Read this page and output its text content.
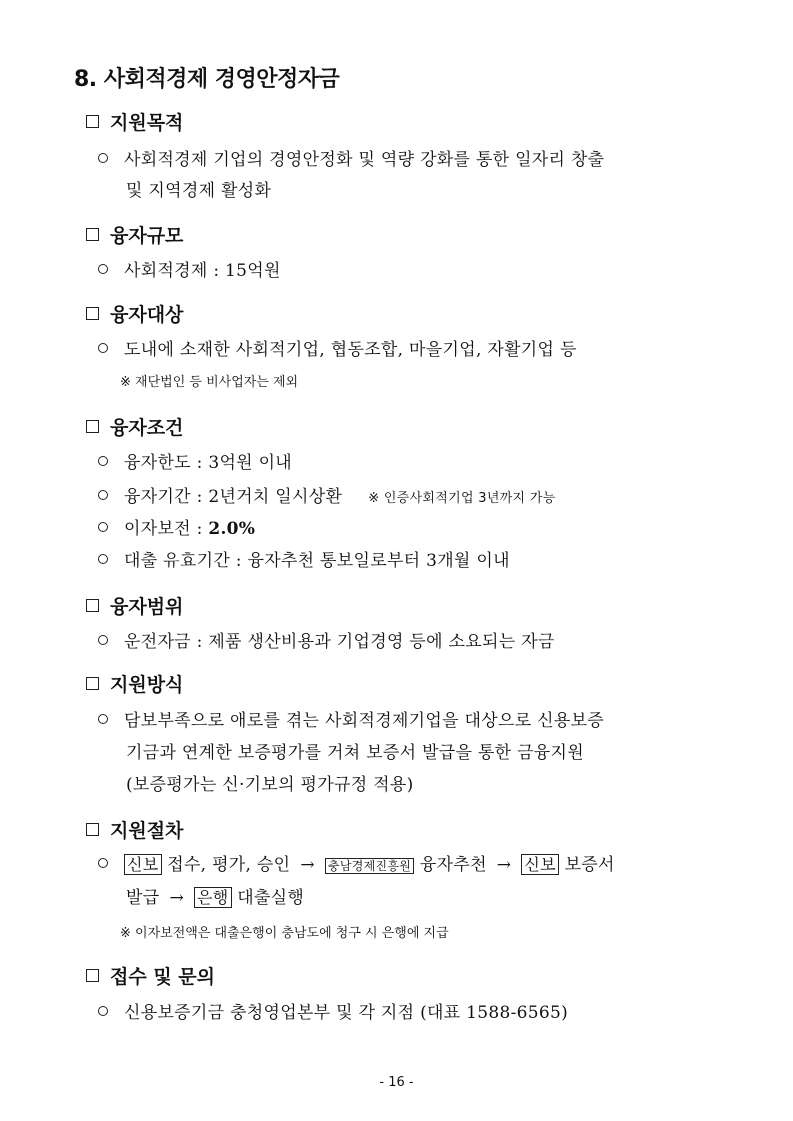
8. 사회적경제 경영안정자금
지원목적
사회적경제 기업의 경영안정화 및 역량 강화를 통한 일자리 창출
및 지역경제 활성화
융자규모
사회적경제 : 15억원
융자대상
도내에 소재한 사회적기업, 협동조합, 마을기업, 자활기업 등
※ 재단법인 등 비사업자는 제외
융자조건
융자한도 : 3억원 이내
융자기간 : 2년거치 일시상환 ※ 인증사회적기업 3년까지 가능
이자보전 : 2.0%
대출 유효기간 : 융자추천 통보일로부터 3개월 이내
융자범위
운전자금 : 제품 생산비용과 기업경영 등에 소요되는 자금
지원방식
담보부족으로 애로를 겪는 사회적경제기업을 대상으로 신용보증
기금과 연계한 보증평가를 거쳐 보증서 발급을 통한 금융지원
(보증평가는 신·기보의 평가규정 적용)
지원절차
신보 접수, 평가, 승인 → 충남경제진흥원 융자추천 → 신보 보증서
발급 → 은행 대출실행
※ 이자보전액은 대출은행이 충남도에 청구 시 은행에 지급
접수 및 문의
신용보증기금 충청영업본부 및 각 지점 (대표 1588-6565)
- 16 -
